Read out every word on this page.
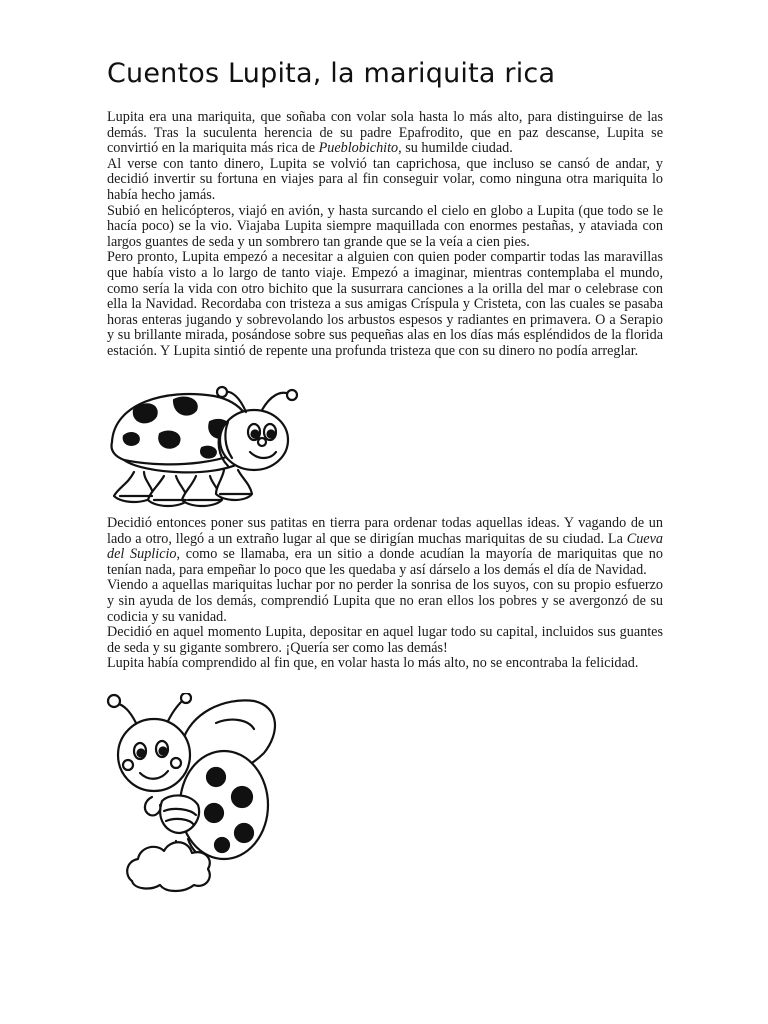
Cuentos Lupita, la mariquita rica

Lupita era una mariquita, que soñaba con volar sola hasta lo más alto, para distinguirse de las demás. Tras la suculenta herencia de su padre Epafrodito, que en paz descanse, Lupita se convirtió en la mariquita más rica de Pueblobichito, su humilde ciudad.

Al verse con tanto dinero, Lupita se volvió tan caprichosa, que incluso se cansó de andar, y decidió invertir su fortuna en viajes para al fin conseguir volar, como ninguna otra mariquita lo había hecho jamás.

Subió en helicópteros, viajó en avión, y hasta surcando el cielo en globo a Lupita (que todo se le hacía poco) se la vio. Viajaba Lupita siempre maquillada con enormes pestañas, y ataviada con largos guantes de seda y un sombrero tan grande que se la veía a cien pies.

Pero pronto, Lupita empezó a necesitar a alguien con quien poder compartir todas las maravillas que había visto a lo largo de tanto viaje. Empezó a imaginar, mientras contemplaba el mundo, como sería la vida con otro bichito que la susurrara canciones a la orilla del mar o celebrase con ella la Navidad. Recordaba con tristeza a sus amigas Críspula y Cristeta, con las cuales se pasaba horas enteras jugando y sobrevolando los arbustos espesos y radiantes en primavera. O a Serapio y su brillante mirada, posándose sobre sus pequeñas alas en los días más espléndidos de la florida estación. Y Lupita sintió de repente una profunda tristeza que con su dinero no podía arreglar.

Decidió entonces poner sus patitas en tierra para ordenar todas aquellas ideas. Y vagando de un lado a otro, llegó a un extraño lugar al que se dirigían muchas mariquitas de su ciudad. La Cueva del Suplicio, como se llamaba, era un sitio a donde acudían la mayoría de mariquitas que no tenían nada, para empeñar lo poco que les quedaba y así dárselo a los demás el día de Navidad.

Viendo a aquellas mariquitas luchar por no perder la sonrisa de los suyos, con su propio esfuerzo y sin ayuda de los demás, comprendió Lupita que no eran ellos los pobres y se avergonzó de su codicia y su vanidad.

Decidió en aquel momento Lupita, depositar en aquel lugar todo su capital, incluidos sus guantes de seda y su gigante sombrero. ¡Quería ser como las demás!

Lupita había comprendido al fin que, en volar hasta lo más alto, no se encontraba la felicidad.
